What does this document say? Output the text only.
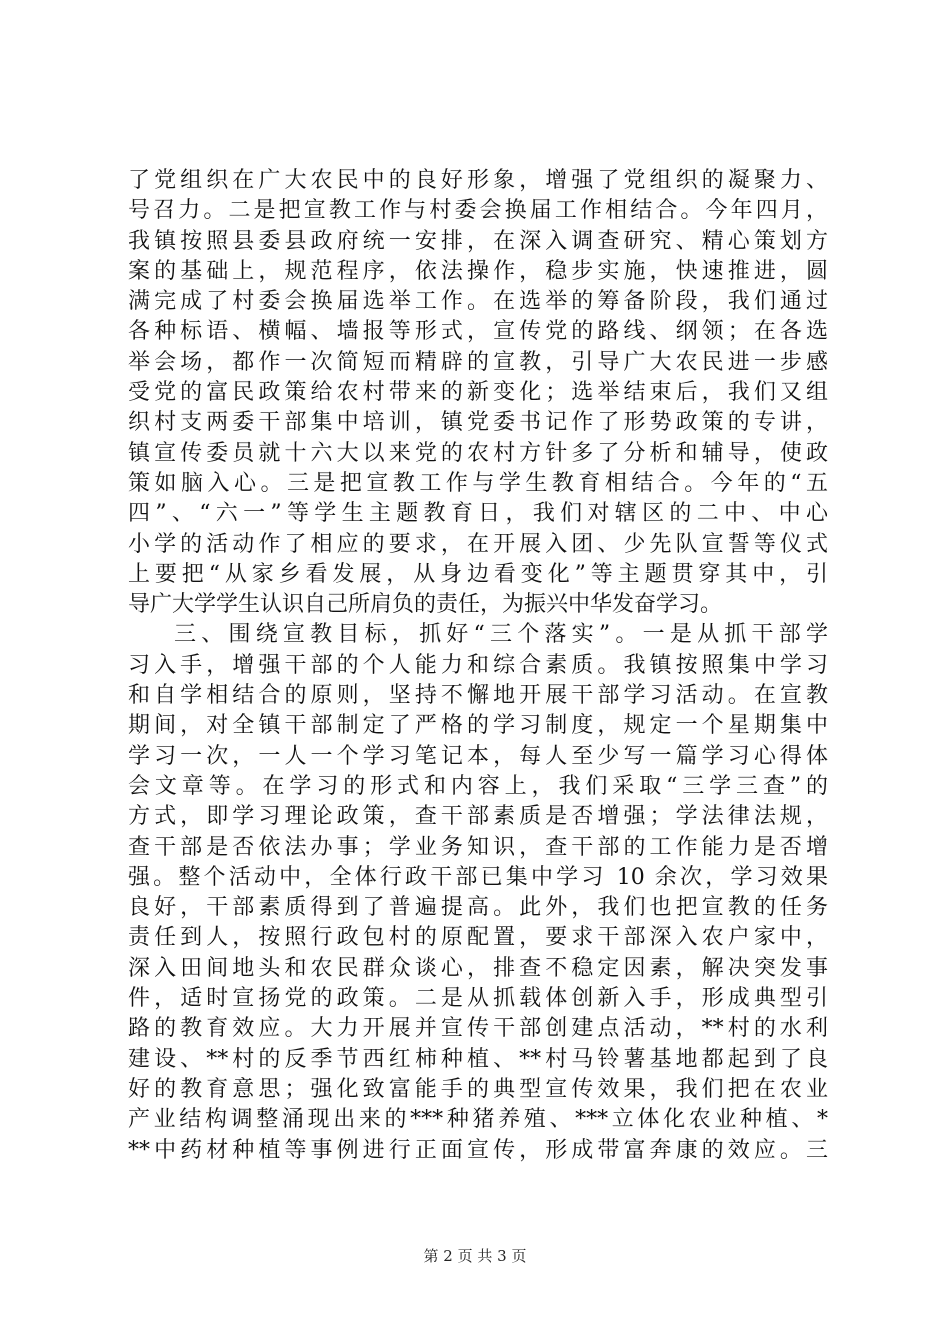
了党组织在广大农民中的良好形象，增强了党组织的凝聚力、
号召力。二是把宣教工作与村委会换届工作相结合。今年四月，
我镇按照县委县政府统一安排，在深入调查研究、精心策划方
案的基础上，规范程序，依法操作，稳步实施，快速推进，圆
满完成了村委会换届选举工作。在选举的筹备阶段，我们通过
各种标语、横幅、墙报等形式，宣传党的路线、纲领；在各选
举会场，都作一次简短而精辟的宣教，引导广大农民进一步感
受党的富民政策给农村带来的新变化；选举结束后，我们又组
织村支两委干部集中培训，镇党委书记作了形势政策的专讲，
镇宣传委员就十六大以来党的农村方针多了分析和辅导，使政
策如脑入心。三是把宣教工作与学生教育相结合。今年的“五
四”、“六一”等学生主题教育日，我们对辖区的二中、中心
小学的活动作了相应的要求，在开展入团、少先队宣誓等仪式
上要把“从家乡看发展，从身边看变化”等主题贯穿其中，引
导广大学学生认识自己所肩负的责任，为振兴中华发奋学习。
三、围绕宣教目标，抓好“三个落实”。一是从抓干部学
习入手，增强干部的个人能力和综合素质。我镇按照集中学习
和自学相结合的原则，坚持不懈地开展干部学习活动。在宣教
期间，对全镇干部制定了严格的学习制度，规定一个星期集中
学习一次，一人一个学习笔记本，每人至少写一篇学习心得体
会文章等。在学习的形式和内容上，我们采取“三学三查”的
方式，即学习理论政策，查干部素质是否增强；学法律法规，
查干部是否依法办事；学业务知识，查干部的工作能力是否增
强。整个活动中，全体行政干部已集中学习 10 余次，学习效果
良好，干部素质得到了普遍提高。此外，我们也把宣教的任务
责任到人，按照行政包村的原配置，要求干部深入农户家中，
深入田间地头和农民群众谈心，排查不稳定因素，解决突发事
件，适时宣扬党的政策。二是从抓载体创新入手，形成典型引
路的教育效应。大力开展并宣传干部创建点活动，**村的水利
建设、**村的反季节西红柿种植、**村马铃薯基地都起到了良
好的教育意思；强化致富能手的典型宣传效果，我们把在农业
产业结构调整涌现出来的***种猪养殖、***立体化农业种植、*
**中药材种植等事例进行正面宣传，形成带富奔康的效应。三
第 2 页 共 3 页
